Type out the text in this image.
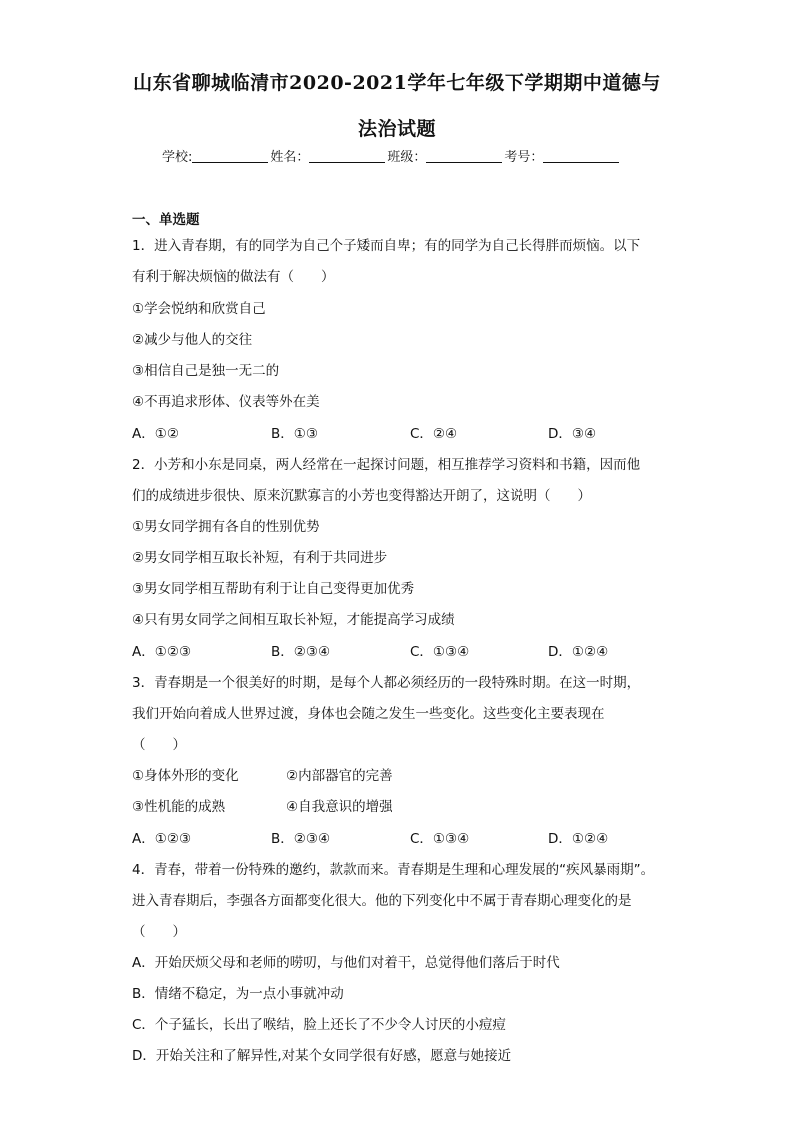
山东省聊城临清市2020-2021学年七年级下学期期中道德与
法治试题
学校:	姓名：	班级：	考号：
一、单选题
1．进入青春期，有的同学为自己个子矮而自卑；有的同学为自己长得胖而烦恼。以下
有利于解决烦恼的做法有（　　）
①学会悦纳和欣赏自己
②减少与他人的交往
③相信自己是独一无二的
④不再追求形体、仪表等外在美
A．①②	B．①③	C．②④	D．③④
2．小芳和小东是同桌，两人经常在一起探讨问题，相互推荐学习资料和书籍，因而他
们的成绩进步很快、原来沉默寡言的小芳也变得豁达开朗了，这说明（　　）
①男女同学拥有各自的性别优势
②男女同学相互取长补短，有利于共同进步
③男女同学相互帮助有利于让自己变得更加优秀
④只有男女同学之间相互取长补短，才能提高学习成绩
A．①②③	B．②③④	C．①③④	D．①②④
3．青春期是一个很美好的时期，是每个人都必须经历的一段特殊时期。在这一时期，
我们开始向着成人世界过渡，身体也会随之发生一些变化。这些变化主要表现在
（　　）
①身体外形的变化	②内部器官的完善
③性机能的成熟	④自我意识的增强
A．①②③	B．②③④	C．①③④	D．①②④
4．青春，带着一份特殊的邀约，款款而来。青春期是生理和心理发展的“疾风暴雨期”。
进入青春期后，李强各方面都变化很大。他的下列变化中不属于青春期心理变化的是
（　　）
A．开始厌烦父母和老师的唠叨，与他们对着干，总觉得他们落后于时代
B．情绪不稳定，为一点小事就冲动
C．个子猛长，长出了喉结，脸上还长了不少令人讨厌的小痘痘
D．开始关注和了解异性,对某个女同学很有好感，愿意与她接近
